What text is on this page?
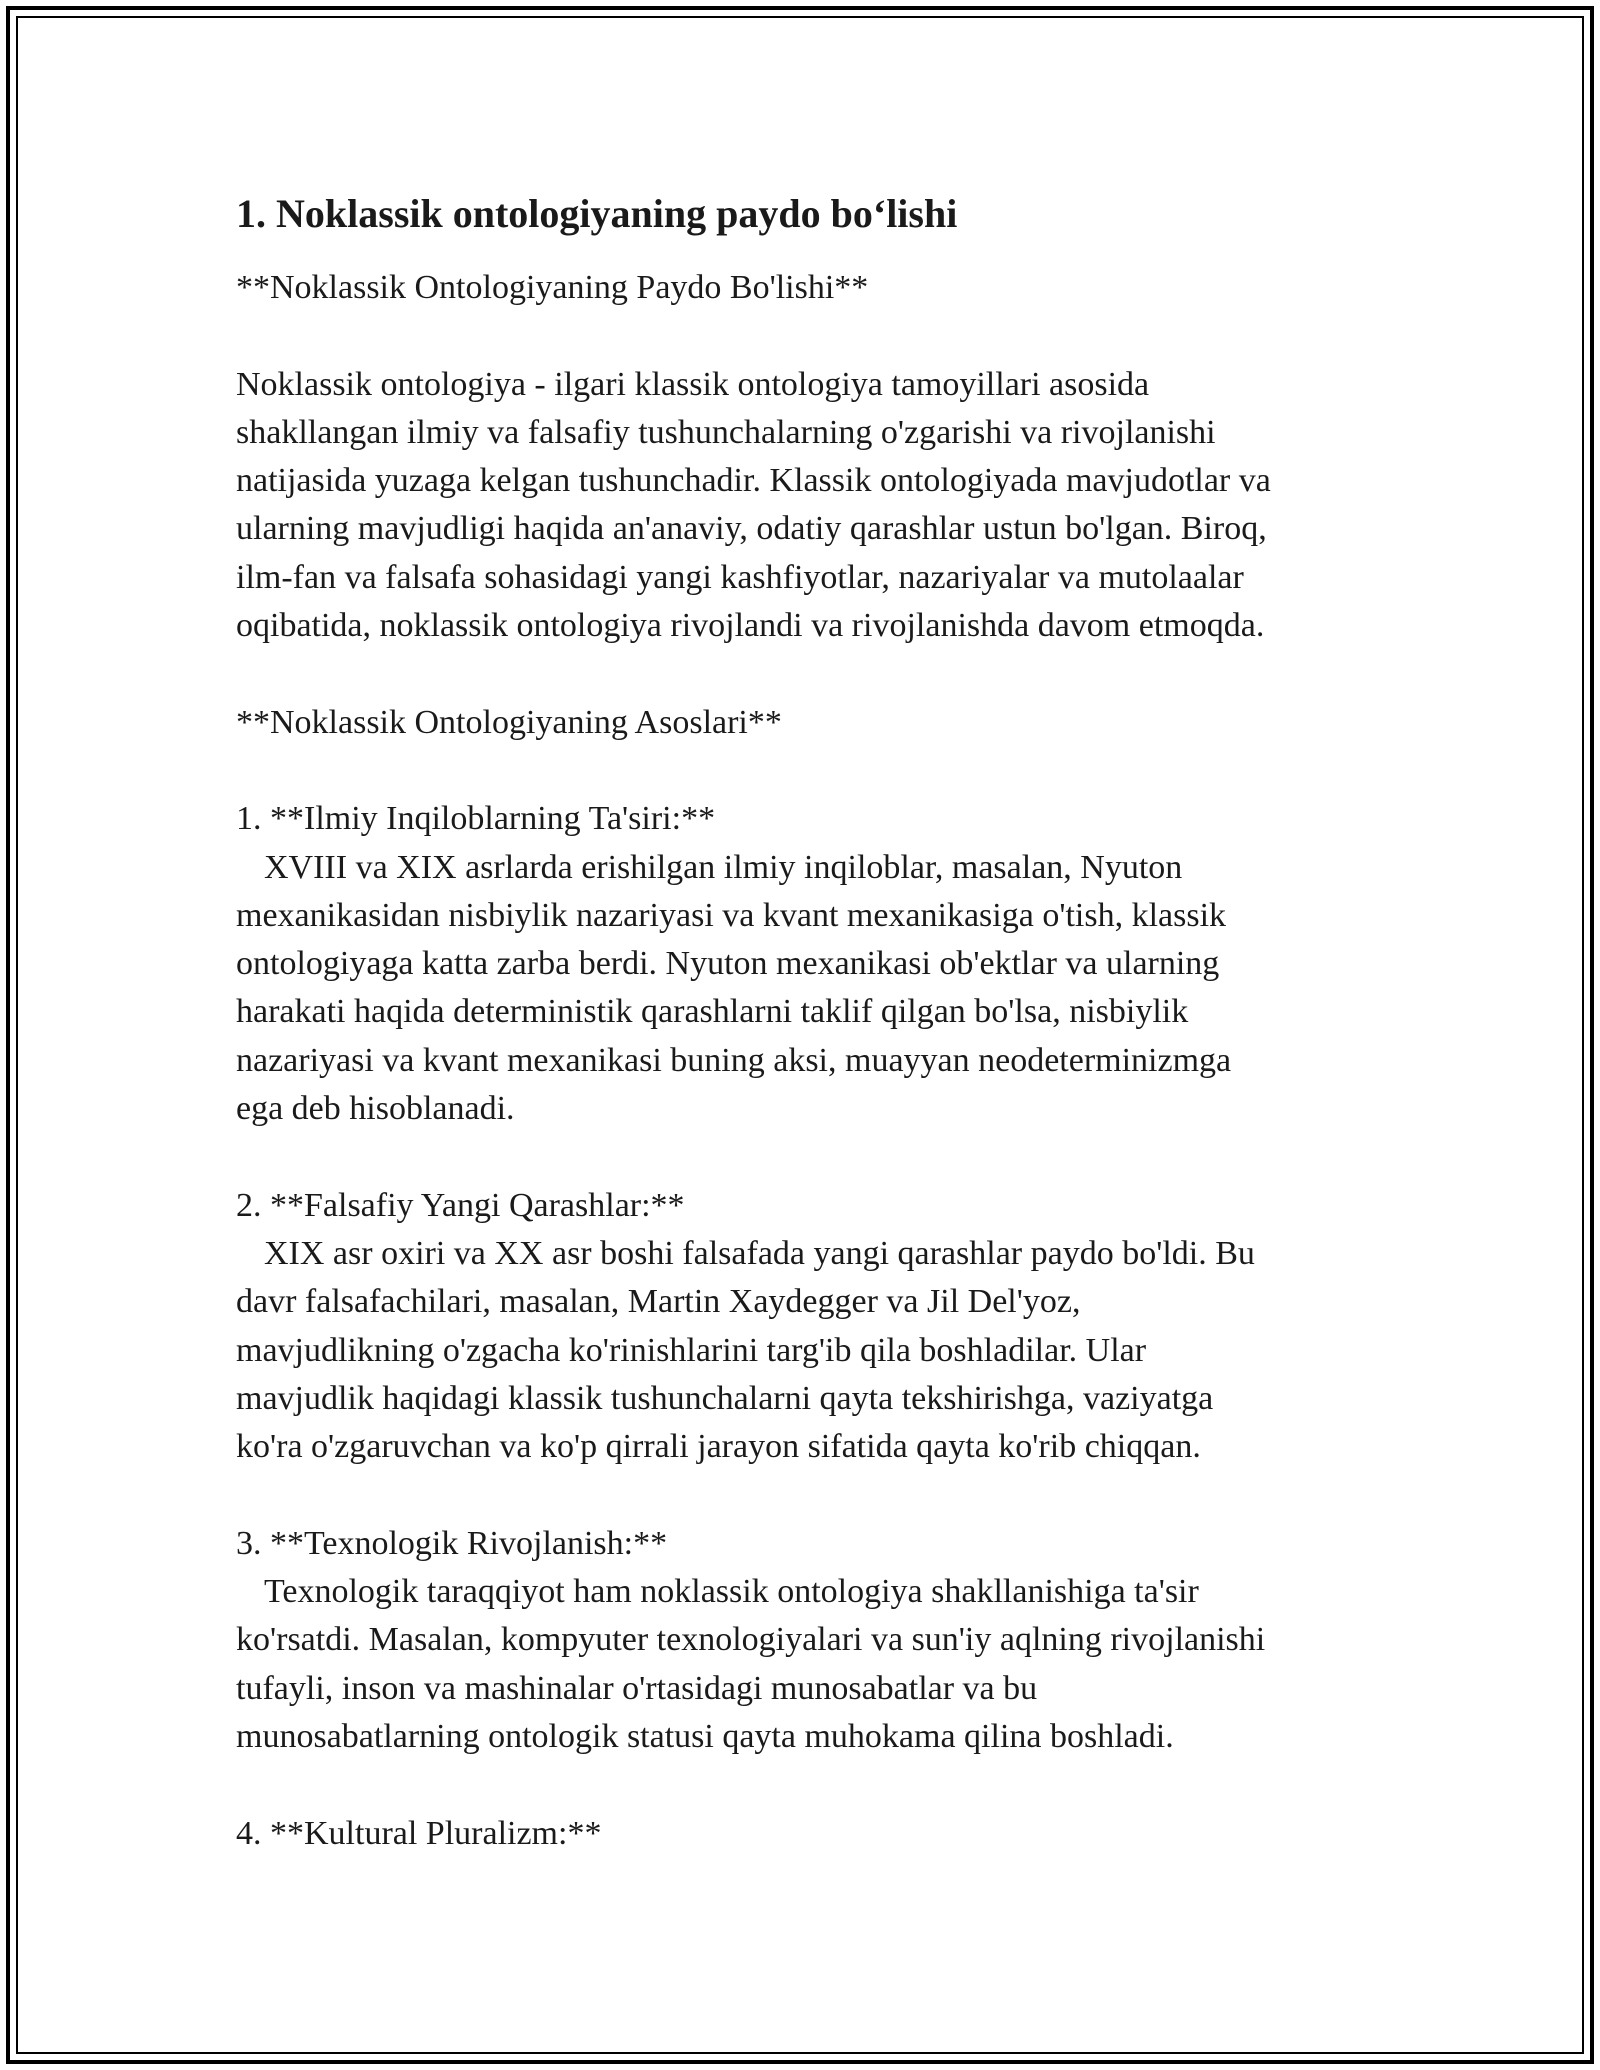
1. Noklassik ontologiyaning paydo bo‘lishi
**Noklassik Ontologiyaning Paydo Bo'lishi**
Noklassik ontologiya - ilgari klassik ontologiya tamoyillari asosida
shakllangan ilmiy va falsafiy tushunchalarning o'zgarishi va rivojlanishi
natijasida yuzaga kelgan tushunchadir. Klassik ontologiyada mavjudotlar va
ularning mavjudligi haqida an'anaviy, odatiy qarashlar ustun bo'lgan. Biroq,
ilm-fan va falsafa sohasidagi yangi kashfiyotlar, nazariyalar va mutolaalar
oqibatida, noklassik ontologiya rivojlandi va rivojlanishda davom etmoqda.
**Noklassik Ontologiyaning Asoslari**
1. **Ilmiy Inqiloblarning Ta'siri:**
XVIII va XIX asrlarda erishilgan ilmiy inqiloblar, masalan, Nyuton
mexanikasidan nisbiylik nazariyasi va kvant mexanikasiga o'tish, klassik
ontologiyaga katta zarba berdi. Nyuton mexanikasi ob'ektlar va ularning
harakati haqida deterministik qarashlarni taklif qilgan bo'lsa, nisbiylik
nazariyasi va kvant mexanikasi buning aksi, muayyan neodeterminizmga
ega deb hisoblanadi.
2. **Falsafiy Yangi Qarashlar:**
XIX asr oxiri va XX asr boshi falsafada yangi qarashlar paydo bo'ldi. Bu
davr falsafachilari, masalan, Martin Xaydegger va Jil Del'yoz,
mavjudlikning o'zgacha ko'rinishlarini targ'ib qila boshladilar. Ular
mavjudlik haqidagi klassik tushunchalarni qayta tekshirishga, vaziyatga
ko'ra o'zgaruvchan va ko'p qirrali jarayon sifatida qayta ko'rib chiqqan.
3. **Texnologik Rivojlanish:**
Texnologik taraqqiyot ham noklassik ontologiya shakllanishiga ta'sir
ko'rsatdi. Masalan, kompyuter texnologiyalari va sun'iy aqlning rivojlanishi
tufayli, inson va mashinalar o'rtasidagi munosabatlar va bu
munosabatlarning ontologik statusi qayta muhokama qilina boshladi.
4. **Kultural Pluralizm:**
